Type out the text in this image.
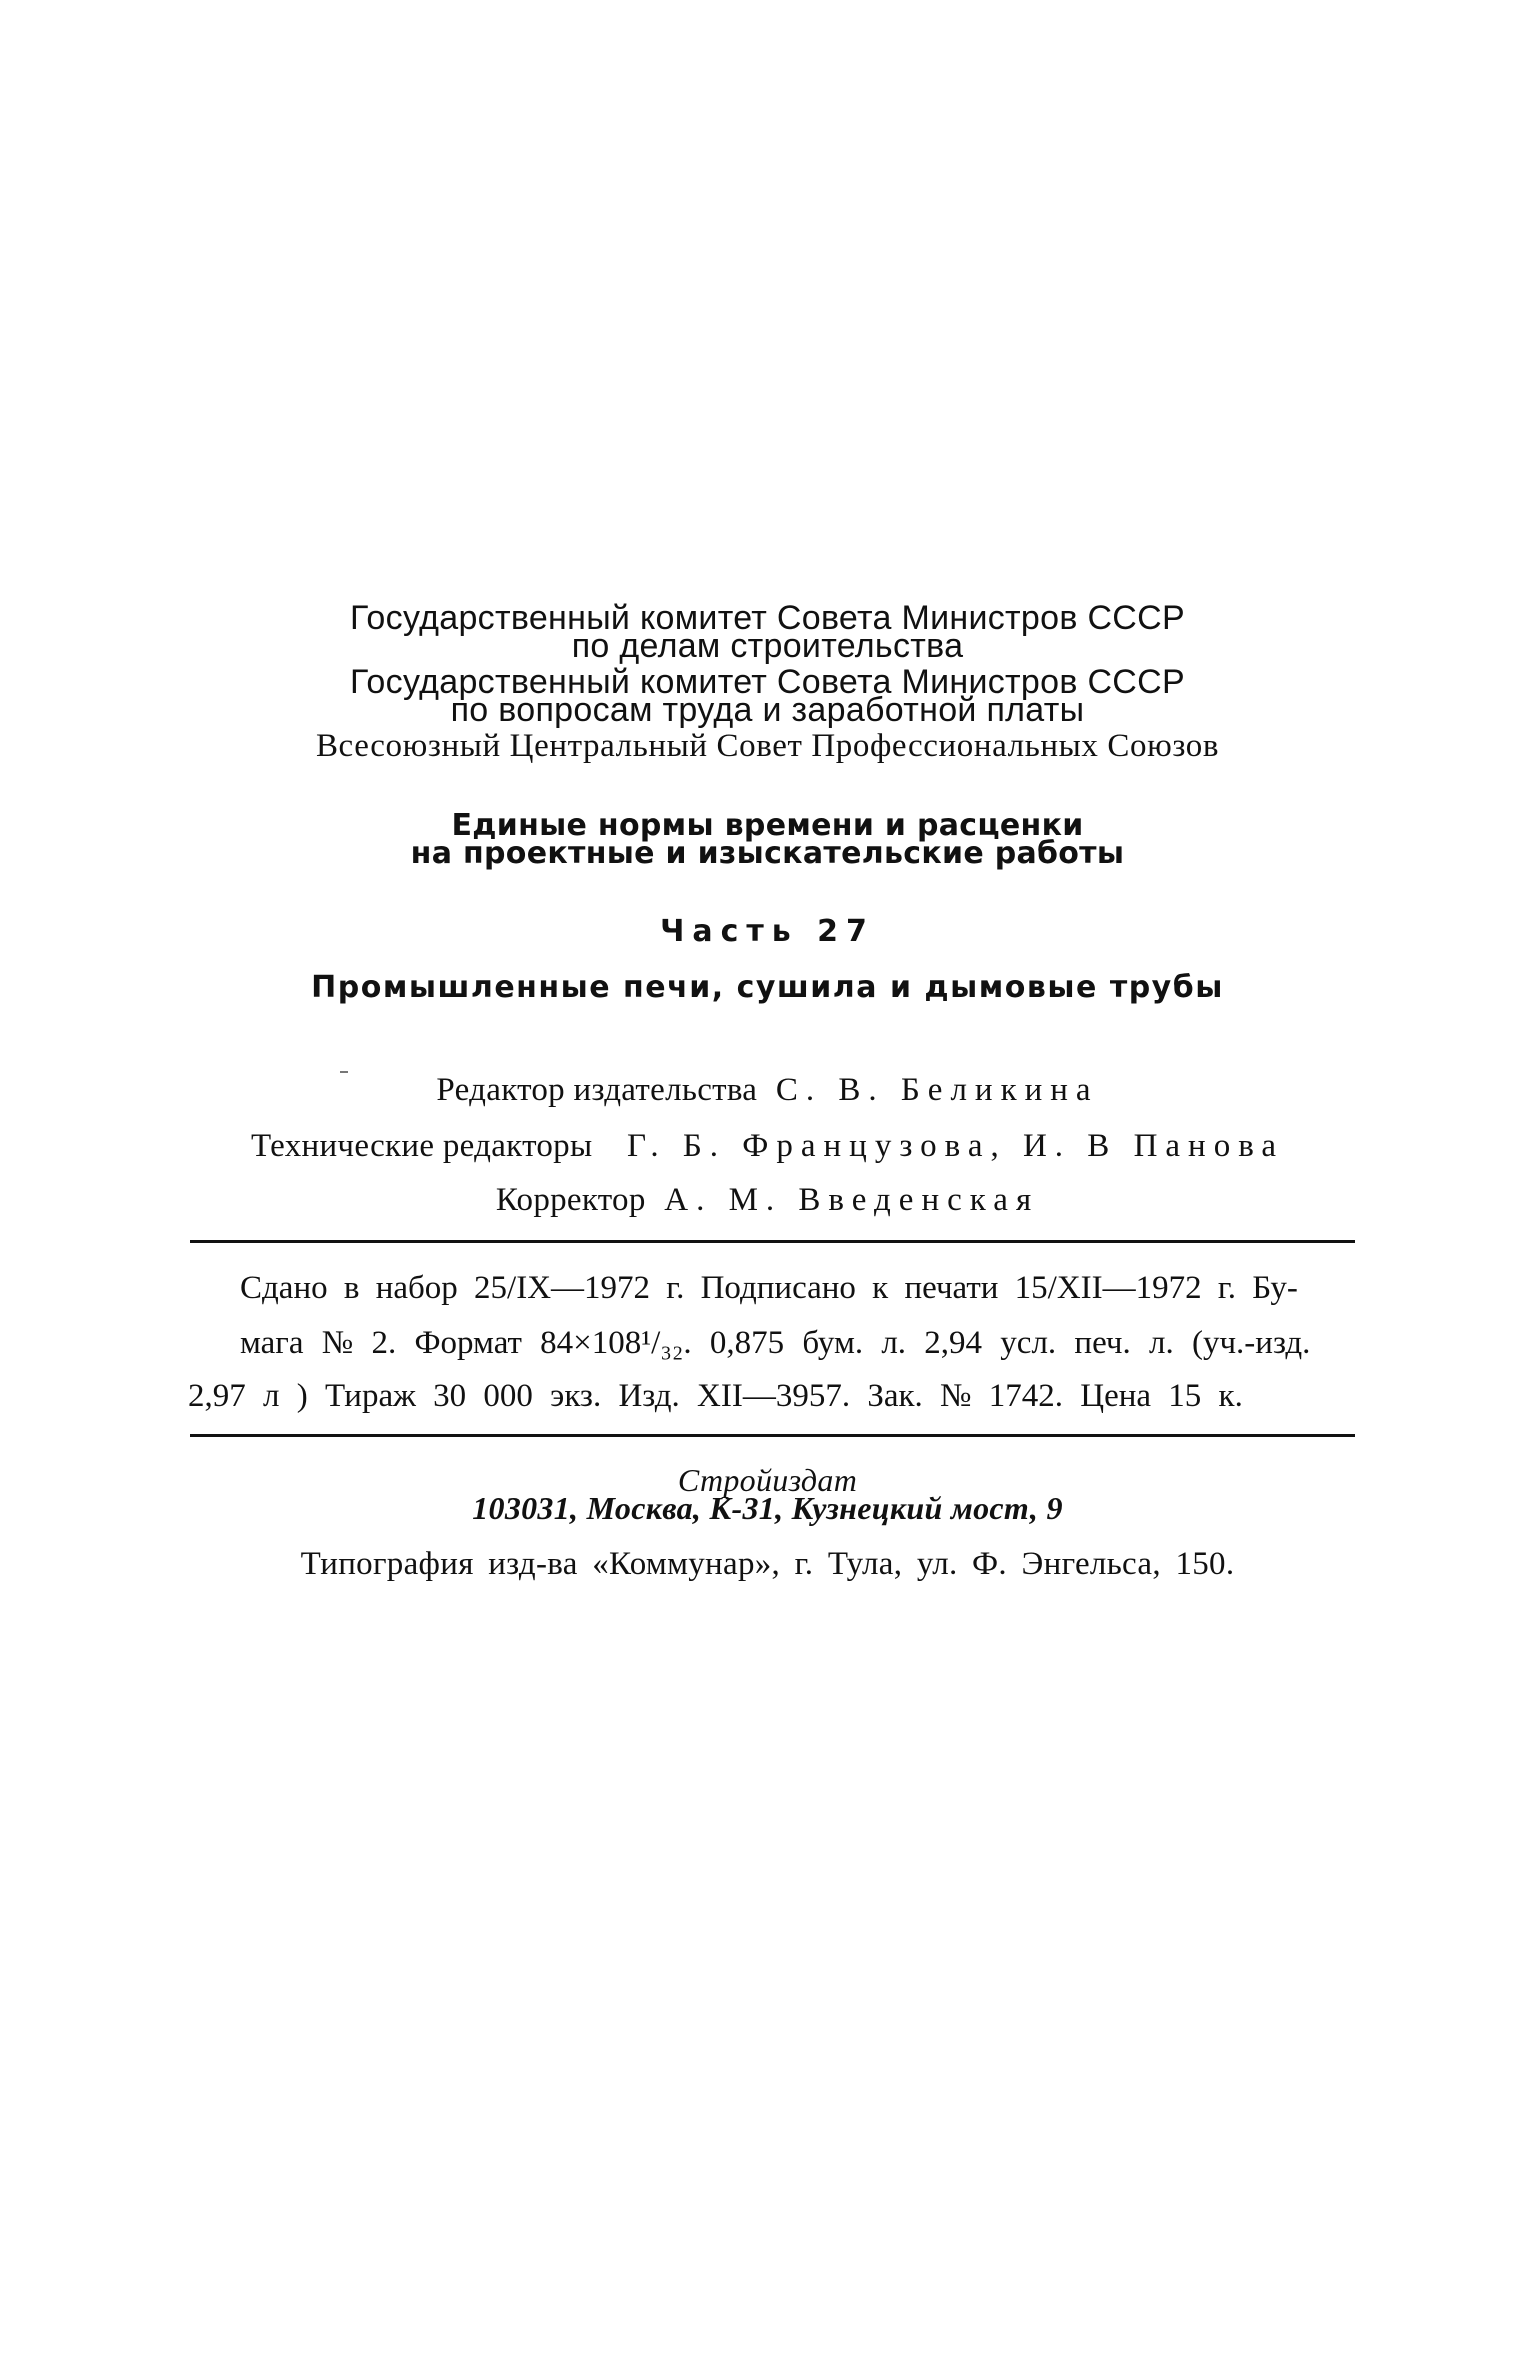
Государственный комитет Совета Министров СССР
по делам строительства
Государственный комитет Совета Министров СССР
по вопросам труда и заработной платы
Всесоюзный Центральный Совет Профессиональных Союзов
Единые нормы времени и расценки
на проектные и изыскательские работы
Часть 27
Промышленные печи, сушила и дымовые трубы
Редактор издательства С. В. Беликина
Технические редакторы Г. Б. Французова, И. В Панова
Корректор А. М. Введенская
Сдано в набор 25/IX—1972 г. Подписано к печати 15/XII—1972 г. Бу-
мага № 2. Формат 84×108¹/₃₂. 0,875 бум. л. 2,94 усл. печ. л. (уч.-изд.
2,97 л ) Тираж 30 000 экз. Изд. XII—3957. Зак. № 1742. Цена 15 к.
Стройиздат
103031, Москва, К-31, Кузнецкий мост, 9
Типография изд-ва «Коммунар», г. Тула, ул. Ф. Энгельса, 150.
